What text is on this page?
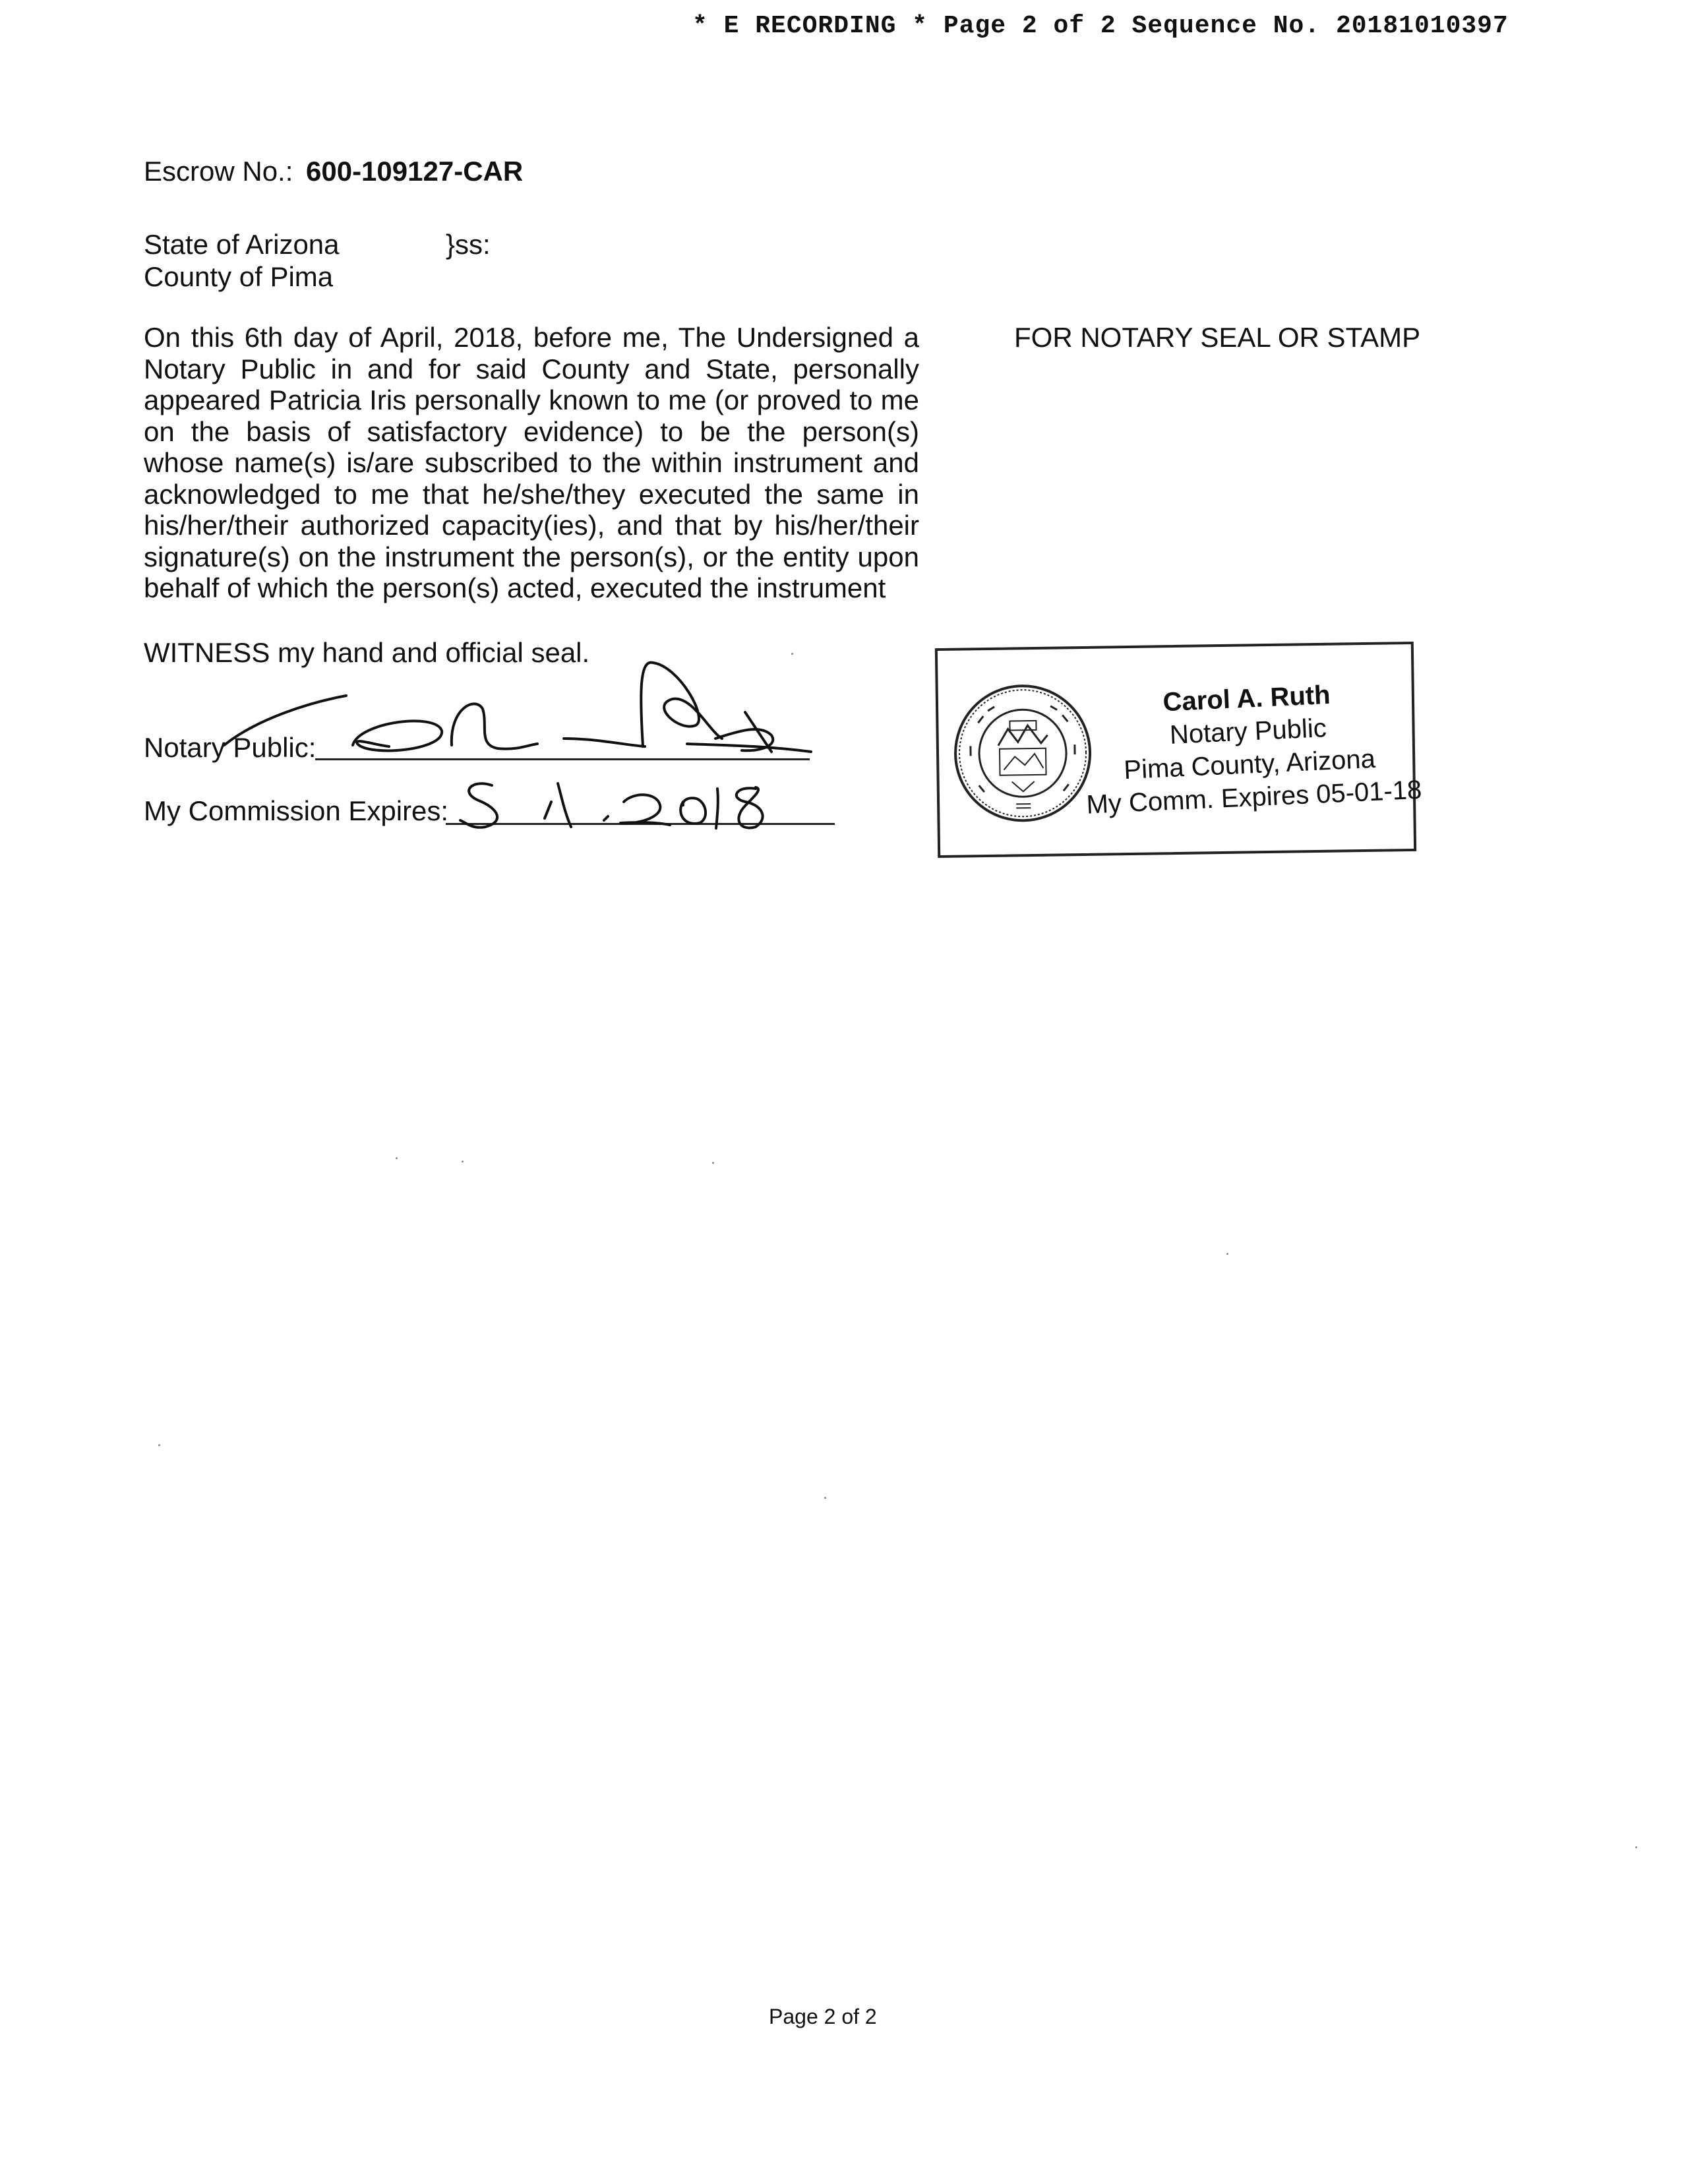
* E RECORDING * Page 2 of 2 Sequence No. 20181010397
Escrow No.: 600-109127-CAR
State of Arizona	}ss:
County of Pima
On this 6th day of April, 2018, before me, The Undersigned a Notary Public in and for said County and State, personally appeared Patricia Iris personally known to me (or proved to me on the basis of satisfactory evidence) to be the person(s) whose name(s) is/are subscribed to the within instrument and acknowledged to me that he/she/they executed the same in his/her/their authorized capacity(ies), and that by his/her/their signature(s) on the instrument the person(s), or the entity upon behalf of which the person(s) acted, executed the instrument
FOR NOTARY SEAL OR STAMP
WITNESS my hand and official seal.
Notary Public:
My Commission Expires:
Carol A. Ruth
Notary Public
Pima County, Arizona
My Comm. Expires 05-01-18
Page 2 of 2
